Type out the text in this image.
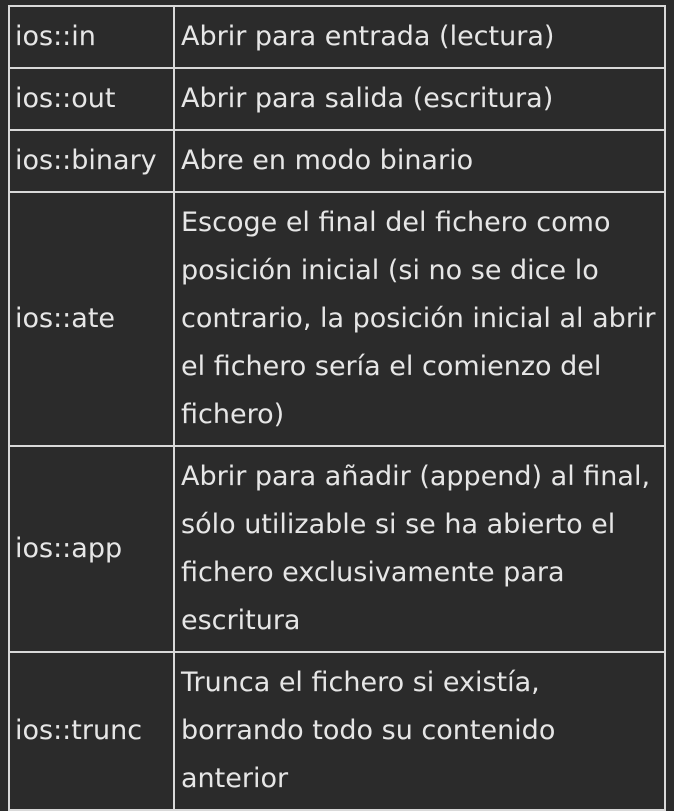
ios::in	Abrir para entrada (lectura)
ios::out	Abrir para salida (escritura)
ios::binary	Abre en modo binario
ios::ate	Escoge el final del fichero como posición inicial (si no se dice lo contrario, la posición inicial al abrir el fichero sería el comienzo del fichero)
ios::app	Abrir para añadir (append) al final, sólo utilizable si se ha abierto el fichero exclusivamente para escritura
ios::trunc	Trunca el fichero si existía, borrando todo su contenido anterior
